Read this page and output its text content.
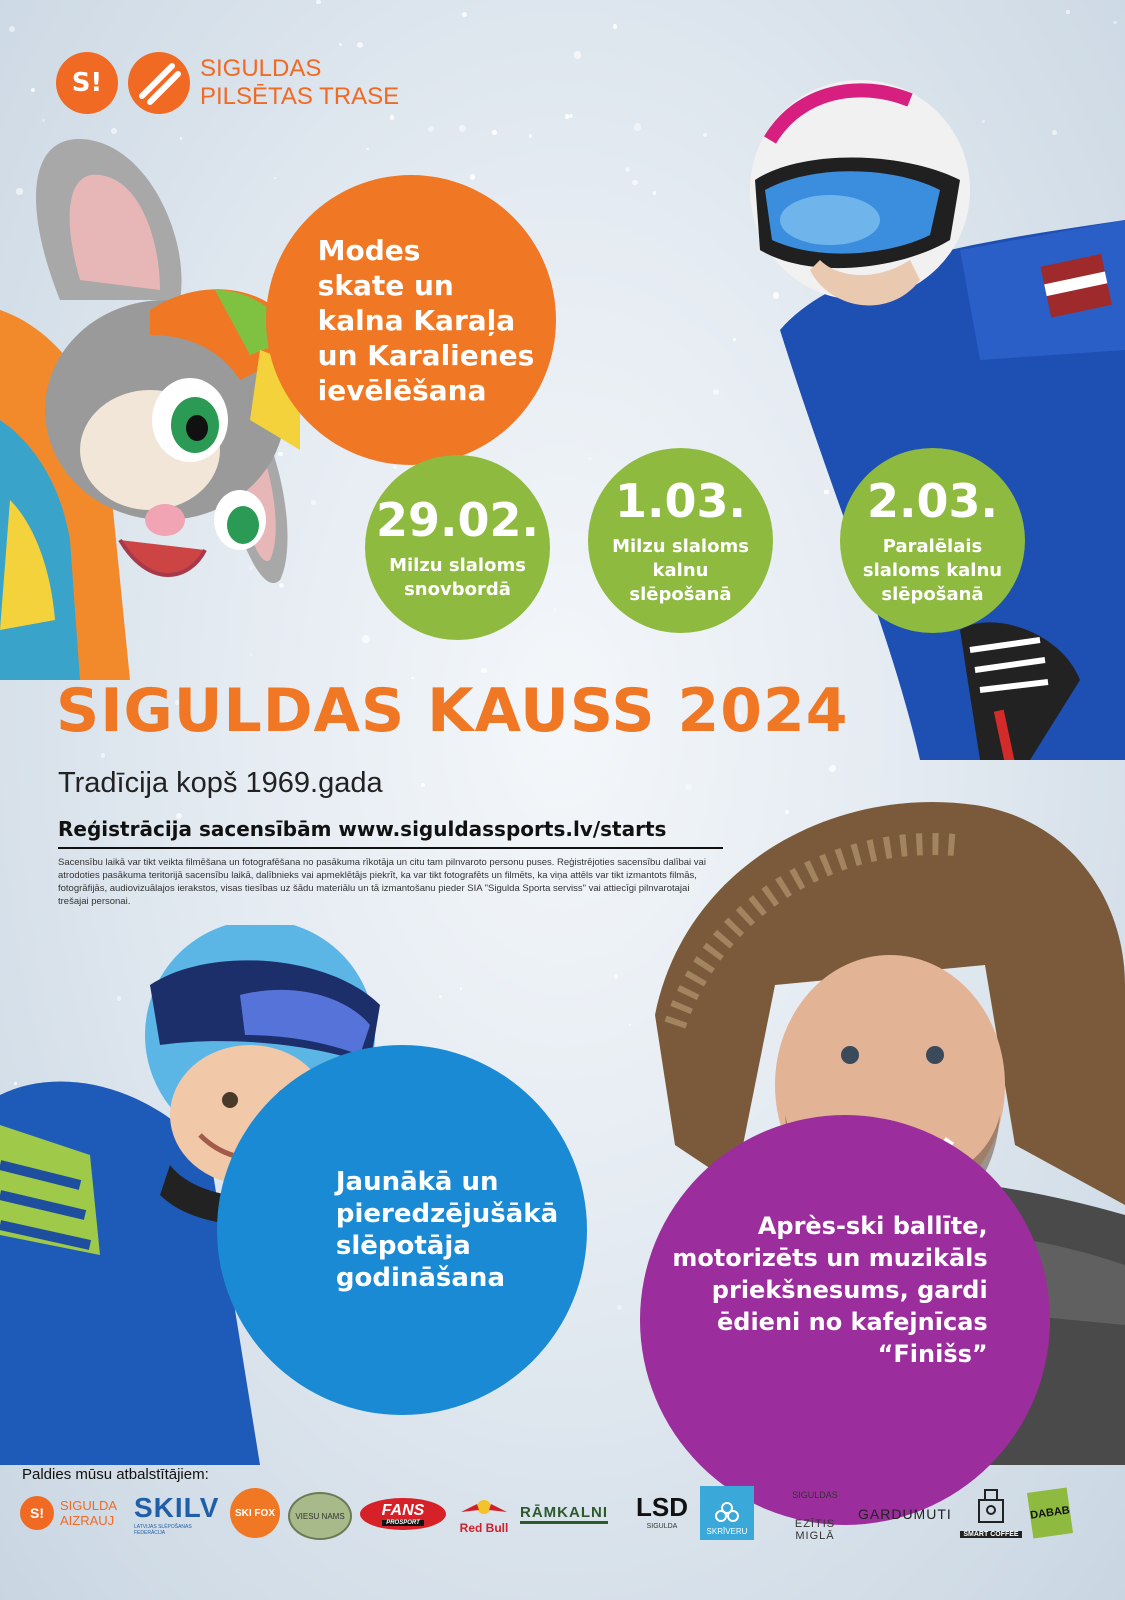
S!	SIGULDAS
PILSĒTAS TRASE
Modes
skate un
kalna Karaļa
un Karalienes
ievēlēšana
29.02.
Milzu slaloms
snovbordā
1.03.
Milzu slaloms
kalnu
slēpošanā
2.03.
Paralēlais
slaloms kalnu
slēpošanā
Jaunākā un
pieredzējušākā
slēpotāja
godināšana
Après-ski ballīte,
motorizēts un muzikāls
priekšnesums, gardi
ēdieni no kafejnīcas
“Finišs”
SIGULDAS KAUSS 2024
Tradīcija kopš 1969.gada
Reģistrācija sacensībām www.siguldassports.lv/starts
Sacensību laikā var tikt veikta filmēšana un fotografēšana no pasākuma rīkotāja un citu tam pilnvaroto personu puses. Reģistrējoties sacensību dalībai vai atrodoties pasākuma teritorijā sacensību laikā, dalībnieks vai apmeklētājs piekrīt, ka var tikt fotografēts un filmēts, ka viņa attēls var tikt izmantots filmās, fotogrāfijās, audiovizuālajos ierakstos, visas tiesības uz šādu materiālu un tā izmantošanu pieder SIA "Sigulda Sporta serviss" vai attiecīgi pilnvarotajai trešajai personai.
Paldies mūsu atbalstītājiem:
S!	SIGULDA AIZRAUJ SKILV
LATVIJAS SLĒPOŠANAS FEDERĀCIJA
SKI FOX	VIESU NAMS FANS
PROSPORT	Red Bull
RĀMKALNI LSD
SIGULDA
SKRĪVERU
SIGULDAS
EZĪTIS MIGLĀ
GARDUMUTI
SMART COFFEE
DABAB
